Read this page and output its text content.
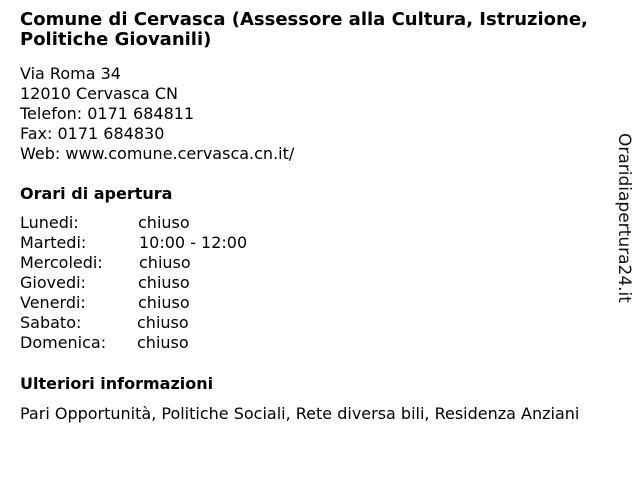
Comune di Cervasca (Assessore alla Cultura, Istruzione, Politiche Giovanili)
Via Roma 34
12010 Cervasca CN
Telefon: 0171 684811
Fax: 0171 684830
Web: www.comune.cervasca.cn.it/
Orari di apertura
Lunedi:	chiuso
Martedi:	10:00 - 12:00
Mercoledi: chiuso
Giovedi:	chiuso
Venerdi:	chiuso
Sabato:	chiuso
Domenica: chiuso
Ulteriori informazioni
Pari Opportunità, Politiche Sociali, Rete diversa bili, Residenza Anziani
Oraridiapertura24.it
